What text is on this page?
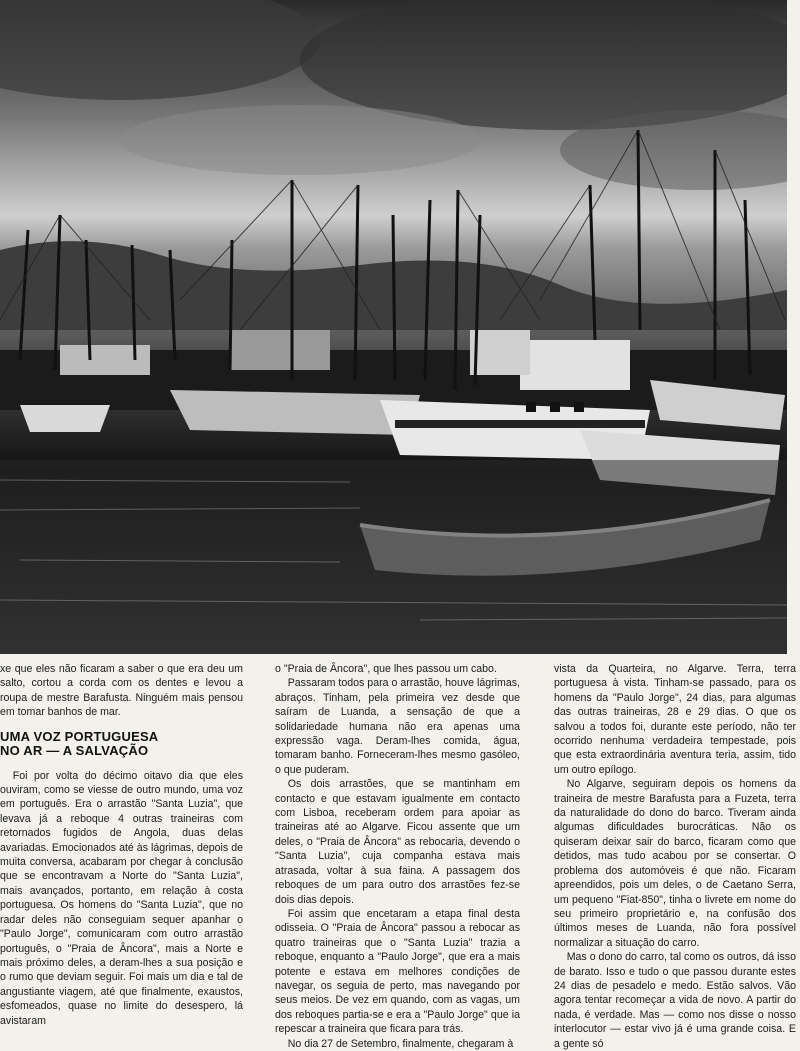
xe que eles não ficaram a saber o que era deu um salto, cortou a corda com os dentes e levou a roupa de mestre Barafusta. Ninguém mais pensou em tomar banhos de mar.

UMA VOZ PORTUGUESA
NO AR — A SALVAÇÃO

Foi por volta do décimo oitavo dia que eles ouviram, como se viesse de outro mundo, uma voz em português. Era o arrastão "Santa Luzia", que levava já a reboque 4 outras traineiras com retornados fugidos de Angola, duas delas avariadas. Emocionados até às lágrimas, depois de muita conversa, acabaram por chegar à conclusão que se encontravam a Norte do "Santa Luzia", mais avançados, portanto, em relação à costa portuguesa. Os homens do "Santa Luzia", que no radar deles não conseguiam sequer apanhar o "Paulo Jorge", comunicaram com outro arrastão português, o "Praia de Âncora", mais a Norte e mais próximo deles, a deram-lhes a sua posição e o rumo que deviam seguir. Foi mais um dia e tal de angustiante viagem, até que finalmente, exaustos, esfomeados, quase no limite do desespero, lá avistaram

o "Praia de Âncora", que lhes passou um cabo.

Passaram todos para o arrastão, houve lágrimas, abraços. Tinham, pela primeira vez desde que saíram de Luanda, a sensação de que a solidariedade humana não era apenas uma expressão vaga. Deram-lhes comida, água, tomaram banho. Forneceram-lhes mesmo gasóleo, o que puderam.

Os dois arrastões, que se mantinham em contacto e que estavam igualmente em contacto com Lisboa, receberam ordem para apoiar as traineiras até ao Algarve. Ficou assente que um deles, o "Praia de Âncora" as rebocaria, devendo o "Santa Luzia", cuja companha estava mais atrasada, voltar à sua faina. A passagem dos reboques de um para outro dos arrastões fez-se dois dias depois.

Foi assim que encetaram a etapa final desta odisseia. O "Praia de Âncora" passou a rebocar as quatro traineiras que o "Santa Luzia" trazia a reboque, enquanto a "Paulo Jorge", que era a mais potente e estava em melhores condições de navegar, os seguia de perto, mas navegando por seus meios. De vez em quando, com as vagas, um dos reboques partia-se e era a "Paulo Jorge" que ia repescar a traineira que ficara para trás.

No dia 27 de Setembro, finalmente, chegaram à

vista da Quarteira, no Algarve. Terra, terra portuguesa à vista. Tinham-se passado, para os homens da "Paulo Jorge", 24 dias, para algumas das outras traineiras, 28 e 29 dias. O que os salvou a todos foi, durante este período, não ter ocorrido nenhuma verdadeira tempestade, pois que esta extraordinária aventura teria, assim, tido um outro epílogo.

No Algarve, seguiram depois os homens da traineira de mestre Barafusta para a Fuzeta, terra da naturalidade do dono do barco. Tiveram ainda algumas dificuldades burocráticas. Não os quiseram deixar sair do barco, ficaram como que detidos, mas tudo acabou por se consertar. O problema dos automóveis é que não. Ficaram apreendidos, pois um deles, o de Caetano Serra, um pequeno "Fiat-850", tinha o livrete em nome do seu primeiro proprietário e, na confusão dos últimos meses de Luanda, não fora possível normalizar a situação do carro.

Mas o dono do carro, tal como os outros, dá isso de barato. Isso e tudo o que passou durante estes 24 dias de pesadelo e medo. Estão salvos. Vão agora tentar recomeçar a vida de novo. A partir do nada, é verdade. Mas — como nos disse o nosso interlocutor — estar vivo já é uma grande coisa. E a gente só
